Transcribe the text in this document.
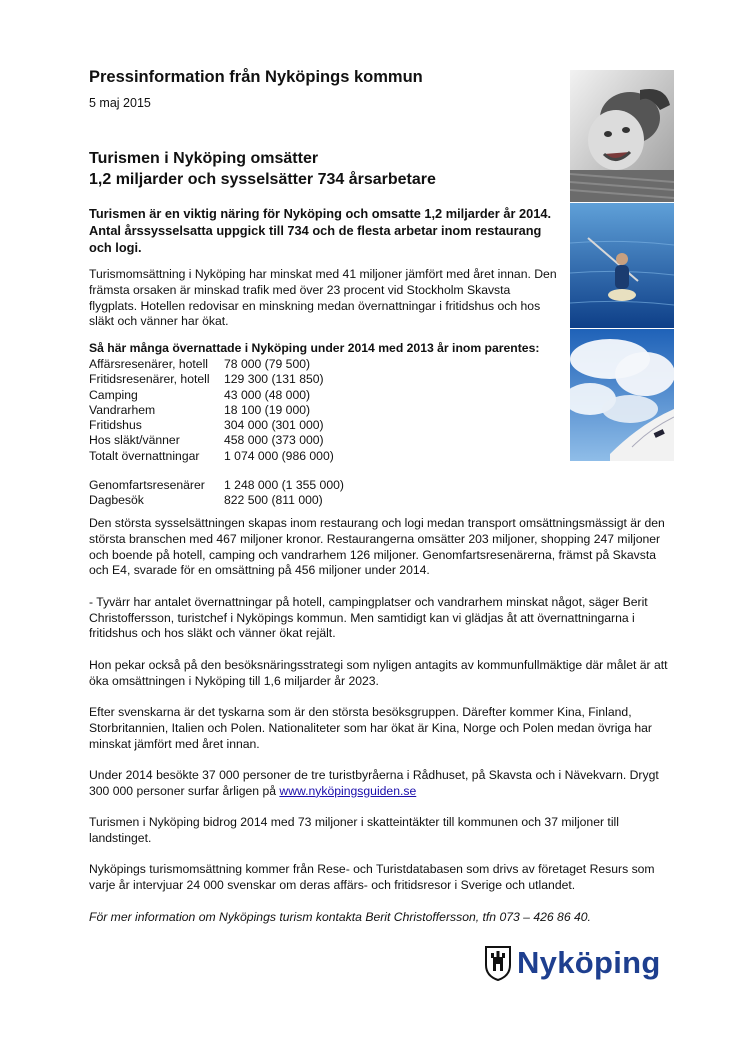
Pressinformation från Nyköpings kommun
5 maj 2015
Turismen i Nyköping omsätter
1,2 miljarder och sysselsätter 734 årsarbetare
Turismen är en viktig näring för Nyköping och omsatte 1,2 miljarder år 2014. Antal årssysselsatta uppgick till 734 och de flesta arbetar inom restaurang och logi.
Turismomsättning i Nyköping har minskat med 41 miljoner jämfört med året innan. Den främsta orsaken är minskad trafik med över 23 procent vid Stockholm Skavsta flygplats. Hotellen redovisar en minskning medan övernattningar i fritidshus och hos släkt och vänner har ökat.
Så här många övernattade i Nyköping under 2014 med 2013 år inom parentes:
Affärsresenärer, hotell	78 000 (79 500)
Fritidsresenärer, hotell	129 300 (131 850)
Camping	43 000 (48 000)
Vandrarhem	18 100 (19 000)
Fritidshus	304 000 (301 000)
Hos släkt/vänner	458 000 (373 000)
Totalt övernattningar	1 074 000 (986 000)
Genomfartsresenärer	1 248 000 (1 355 000)
Dagbesök	822 500 (811 000)

Den största sysselsättningen skapas inom restaurang och logi medan transport omsättningsmässigt är den största branschen med 467 miljoner kronor. Restaurangerna omsätter 203 miljoner, shopping 247 miljoner och boende på hotell, camping och vandrarhem 126 miljoner. Genomfartsresenärerna, främst på Skavsta och E4, svarade för en omsättning på 456 miljoner under 2014.

- Tyvärr har antalet övernattningar på hotell, campingplatser och vandrarhem minskat något, säger Berit Christoffersson, turistchef i Nyköpings kommun. Men samtidigt kan vi glädjas åt att övernattningarna i fritidshus och hos släkt och vänner ökat rejält.

Hon pekar också på den besöksnäringsstrategi som nyligen antagits av kommunfullmäktige där målet är att öka omsättningen i Nyköping till 1,6 miljarder år 2023.

Efter svenskarna är det tyskarna som är den största besöksgruppen. Därefter kommer Kina, Finland, Storbritannien, Italien och Polen. Nationaliteter som har ökat är Kina, Norge och Polen medan övriga har minskat jämfört med året innan.

Under 2014 besökte 37 000 personer de tre turistbyråerna i Rådhuset, på Skavsta och i Nävekvarn. Drygt 300 000 personer surfar årligen på www.nyköpingsguiden.se

Turismen i Nyköping bidrog 2014 med 73 miljoner i skatteintäkter till kommunen och 37 miljoner till landstinget.

Nyköpings turismomsättning kommer från Rese- och Turistdatabasen som drivs av företaget Resurs som varje år intervjuar 24 000 svenskar om deras affärs- och fritidsresor i Sverige och utlandet.

För mer information om Nyköpings turism kontakta Berit Christoffersson, tfn 073 – 426 86 40.

Nyköping
